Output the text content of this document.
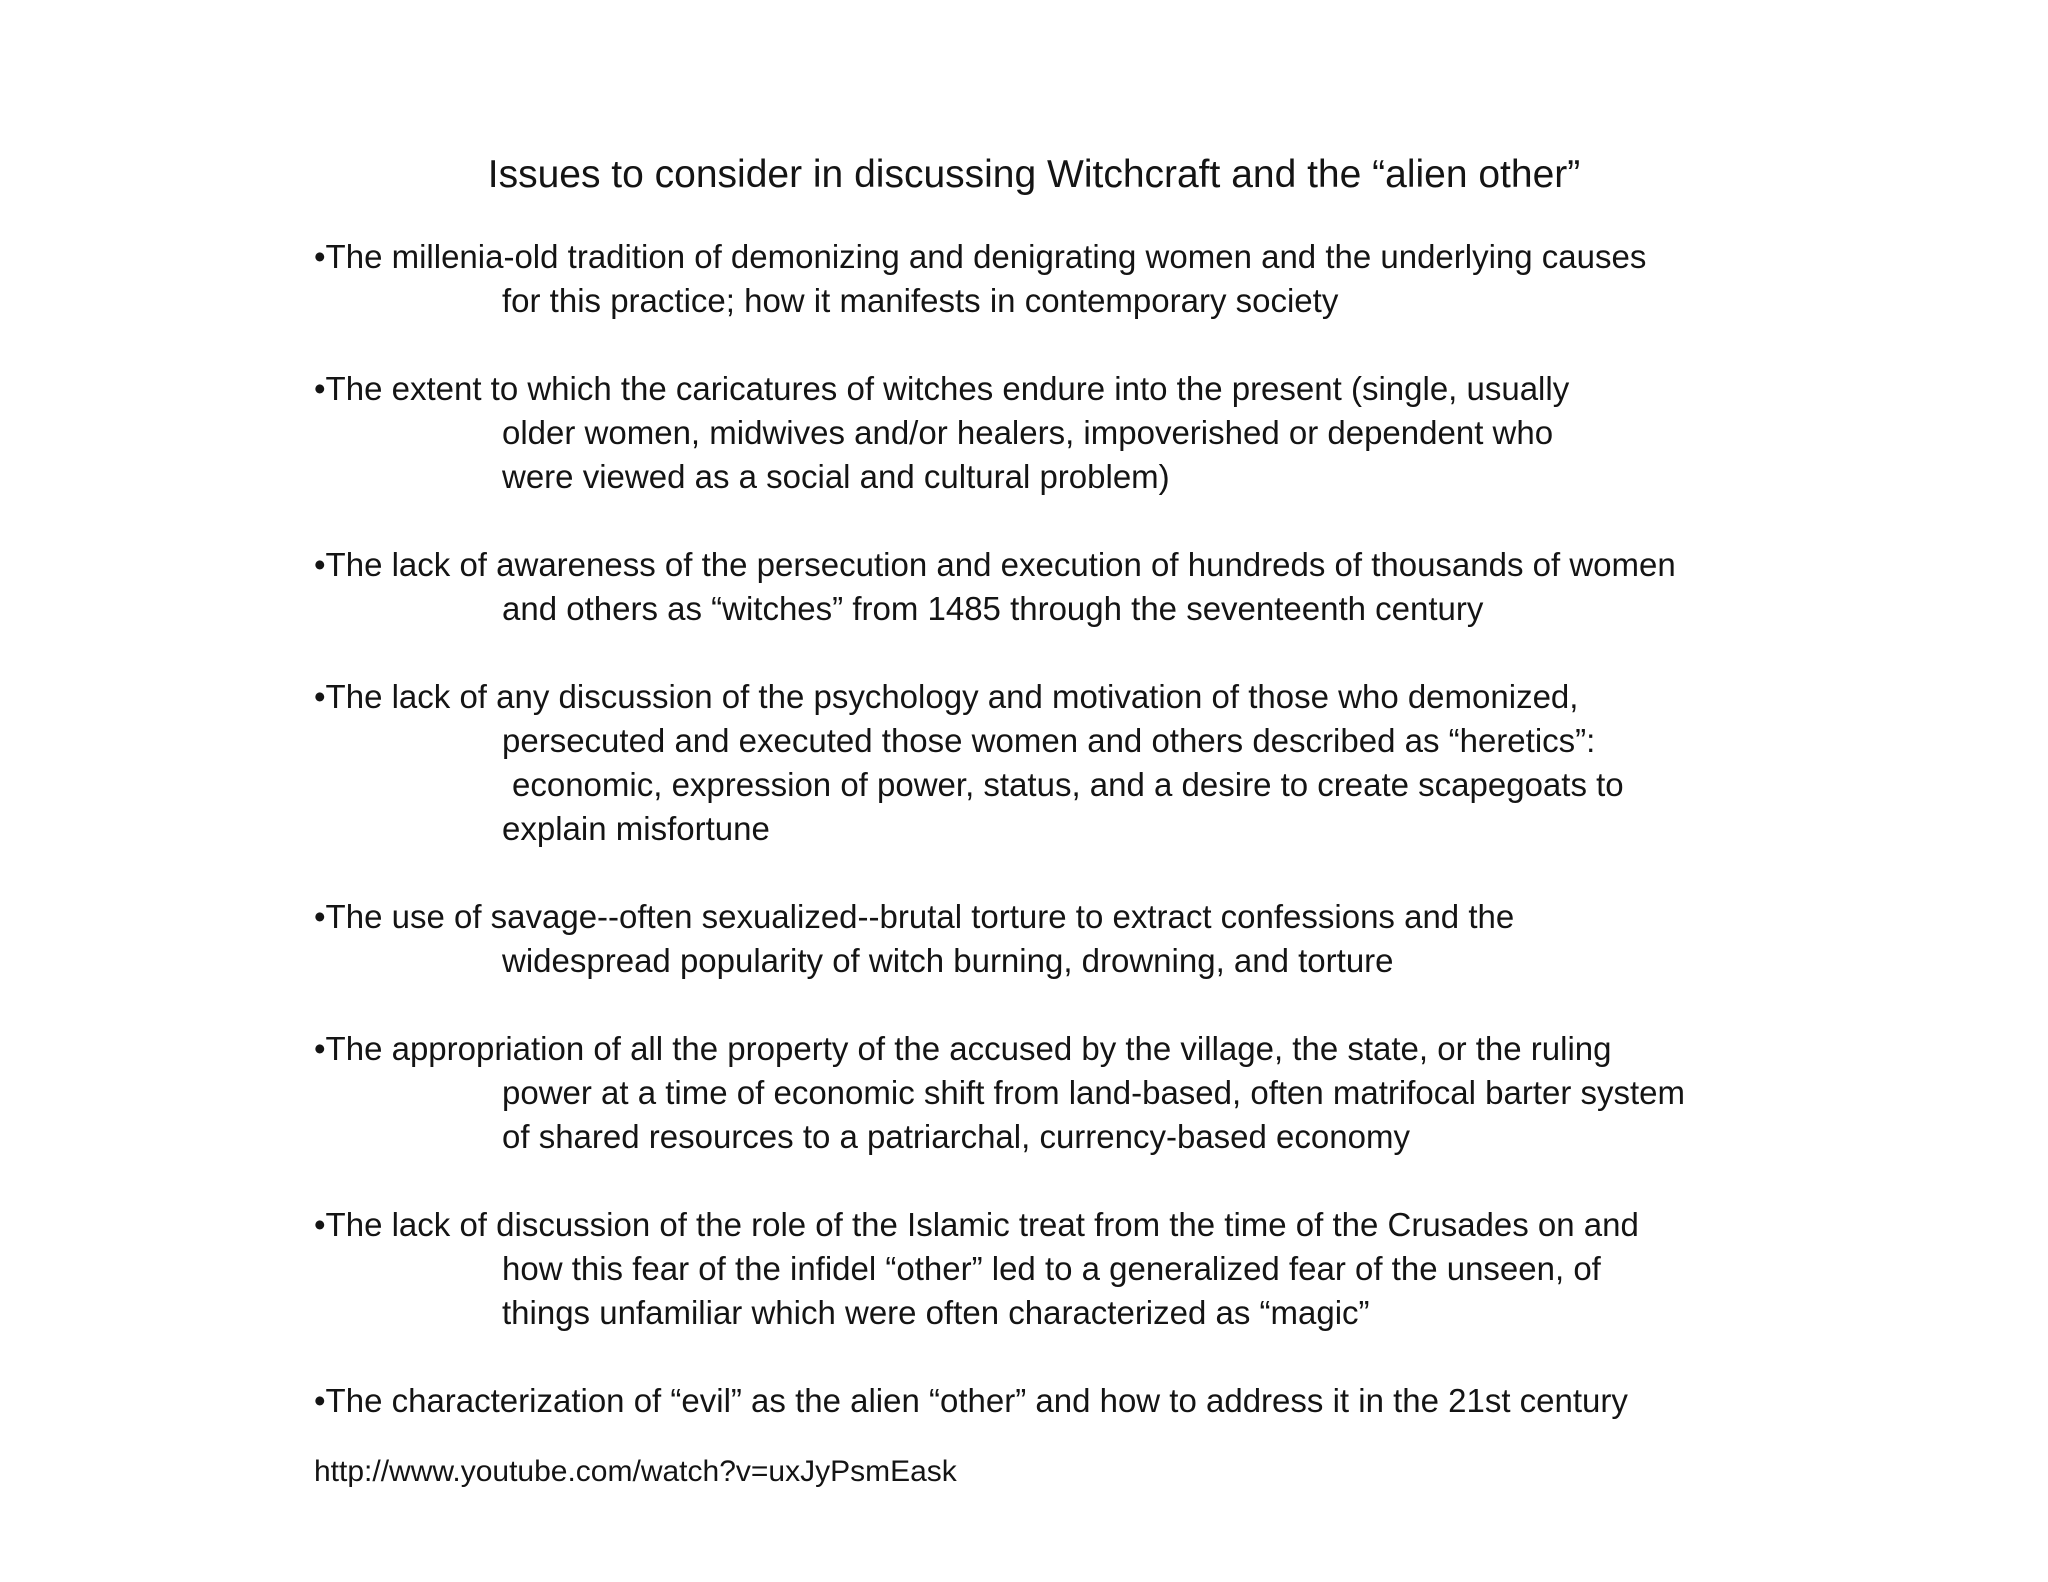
Issues to consider in discussing Witchcraft and the “alien other”
•The millenia-old tradition of demonizing and denigrating women and the underlying causes
for this practice; how it manifests in contemporary society
•The extent to which the caricatures of witches endure into the present (single, usually
older women, midwives and/or healers, impoverished or dependent who
were viewed as a social and cultural problem)
•The lack of awareness of the persecution and execution of hundreds of thousands of women
and others as “witches” from 1485 through the seventeenth century
•The lack of any discussion of the psychology and motivation of those who demonized,
persecuted and executed those women and others described as “heretics”:
economic, expression of power, status, and a desire to create scapegoats to
explain misfortune
•The use of savage--often sexualized--brutal torture to extract confessions and the
widespread popularity of witch burning, drowning, and torture
•The appropriation of all the property of the accused by the village, the state, or the ruling
power at a time of economic shift from land-based, often matrifocal barter system
of shared resources to a patriarchal, currency-based economy
•The lack of discussion of the role of the Islamic treat from the time of the Crusades on and
how this fear of the infidel “other” led to a generalized fear of the unseen, of
things unfamiliar which were often characterized as “magic”
•The characterization of “evil” as the alien “other” and how to address it in the 21st century
http://www.youtube.com/watch?v=uxJyPsmEask
